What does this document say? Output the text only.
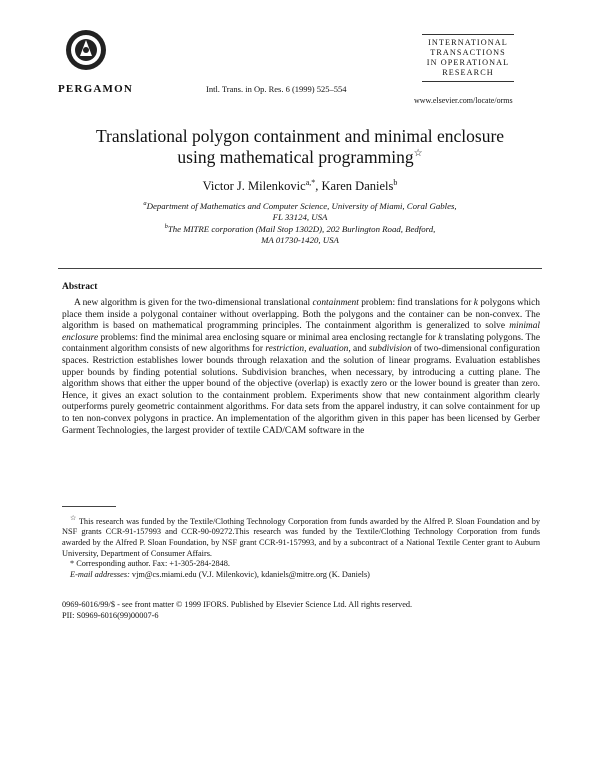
PERGAMON	Intl. Trans. in Op. Res. 6 (1999) 525–554
INTERNATIONAL
TRANSACTIONS
IN OPERATIONAL
RESEARCH
www.elsevier.com/locate/orms
Translational polygon containment and minimal enclosure
using mathematical programming☆
Victor J. Milenkovic$^{a,*}$, Karen Daniels$^b$
$^a$Department of Mathematics and Computer Science, University of Miami, Coral Gables,
FL 33124, USA
$^b$The MITRE corporation (Mail Stop 1302D), 202 Burlington Road, Bedford,
MA 01730-1420, USA
Abstract
A new algorithm is given for the two-dimensional translational containment problem: find translations for k polygons which place them inside a polygonal container without overlapping. Both the polygons and the container can be non-convex. The algorithm is based on mathematical programming principles. The containment algorithm is generalized to solve minimal enclosure problems: find the minimal area enclosing square or minimal area enclosing rectangle for k translating polygons. The containment algorithm consists of new algorithms for restriction, evaluation, and subdivision of two-dimensional configuration spaces. Restriction establishes lower bounds through relaxation and the solution of linear programs. Evaluation establishes upper bounds by finding potential solutions. Subdivision branches, when necessary, by introducing a cutting plane. The algorithm shows that either the upper bound of the objective (overlap) is exactly zero or the lower bound is greater than zero. Hence, it gives an exact solution to the containment problem. Experiments show that new containment algorithm clearly outperforms purely geometric containment algorithms. For data sets from the apparel industry, it can solve containment for up to ten non-convex polygons in practice. An implementation of the algorithm given in this paper has been licensed by Gerber Garment Technologies, the largest provider of textile CAD/CAM software in the

☆ This research was funded by the Textile/Clothing Technology Corporation from funds awarded by the Alfred P. Sloan Foundation and by NSF grants CCR-91-157993 and CCR-90-09272.This research was funded by the Textile/Clothing Technology Corporation from funds awarded by the Alfred P. Sloan Foundation, by NSF grant CCR-91-157993, and by a subcontract of a National Textile Center grant to Auburn University, Department of Consumer Affairs.

* Corresponding author. Fax: +1-305-284-2848.

E-mail addresses: vjm@cs.miami.edu (V.J. Milenkovic), kdaniels@mitre.org (K. Daniels)

0969-6016/99/$ - see front matter © 1999 IFORS. Published by Elsevier Science Ltd. All rights reserved.
PII: S0969-6016(99)00007-6
